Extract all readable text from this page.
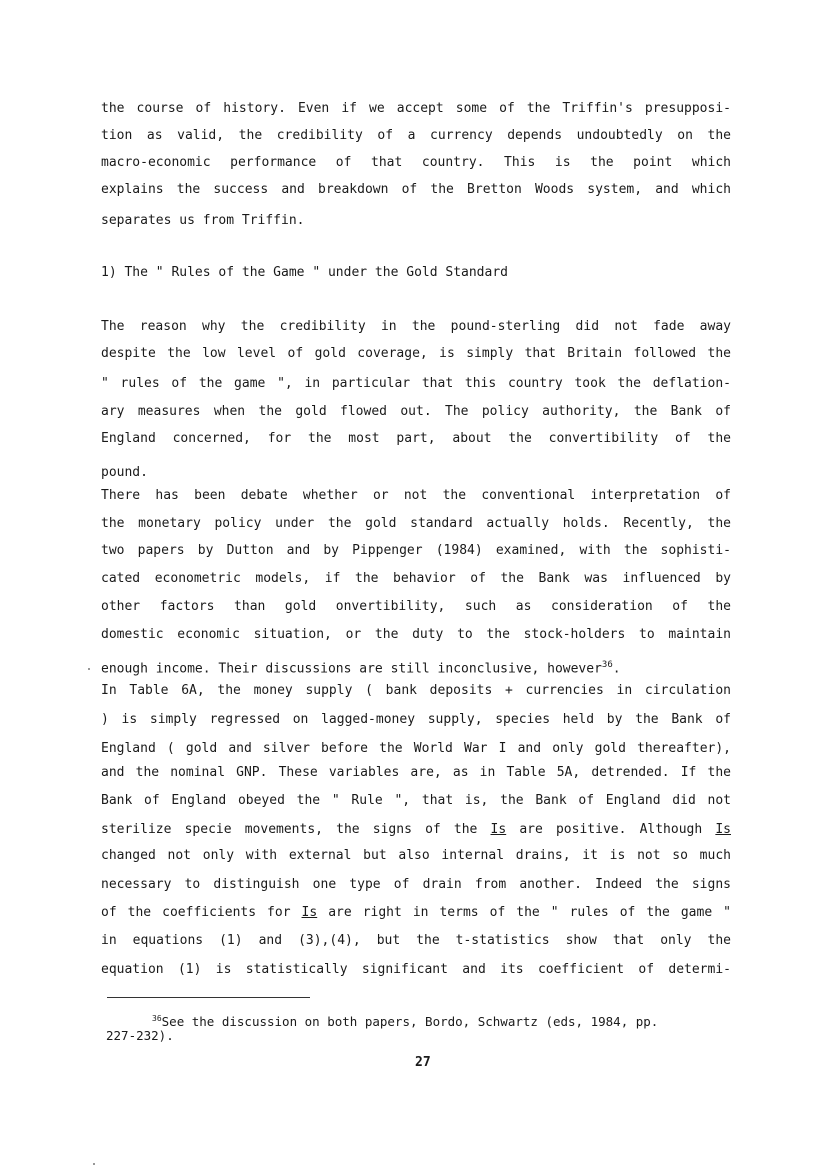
the course of history. Even if we accept some of the Triffin's presupposi-
tion as valid, the credibility of a currency depends undoubtedly on the
macro-economic performance of that country. This is the point which
explains the success and breakdown of the Bretton Woods system, and which
separates us from Triffin.
1) The " Rules of the Game " under the Gold Standard
The reason why the credibility in the pound-sterling did not fade away
despite the low level of gold coverage, is simply that Britain followed the
" rules of the game ", in particular that this country took the deflation-
ary measures when the gold flowed out. The policy authority, the Bank of
England concerned, for the most part, about the convertibility of the
pound.
There has been debate whether or not the conventional interpretation of
the monetary policy under the gold standard actually holds. Recently, the
two papers by Dutton and by Pippenger (1984) examined, with the sophisti-
cated econometric models, if the behavior of the Bank was influenced by
other factors than gold onvertibility, such as consideration of the
domestic economic situation, or the duty to the stock-holders to maintain
enough income. Their discussions are still inconclusive, however$^{36}$.
In Table 6A, the money supply ( bank deposits + currencies in circulation
) is simply regressed on lagged-money supply, species held by the Bank of
England ( gold and silver before the World War I and only gold thereafter),
and the nominal GNP. These variables are, as in Table 5A, detrended. If the
Bank of England obeyed the " Rule ", that is, the Bank of England did not
sterilize specie movements, the signs of the Is are positive. Although Is
changed not only with external but also internal drains, it is not so much
necessary to distinguish one type of drain from another. Indeed the signs
of the coefficients for Is are right in terms of the " rules of the game "
in equations (1) and (3),(4), but the t-statistics show that only the
equation (1) is statistically significant and its coefficient of determi-
$^{36}$See the discussion on both papers, Bordo, Schwartz (eds, 1984, pp.
227-232).
27
